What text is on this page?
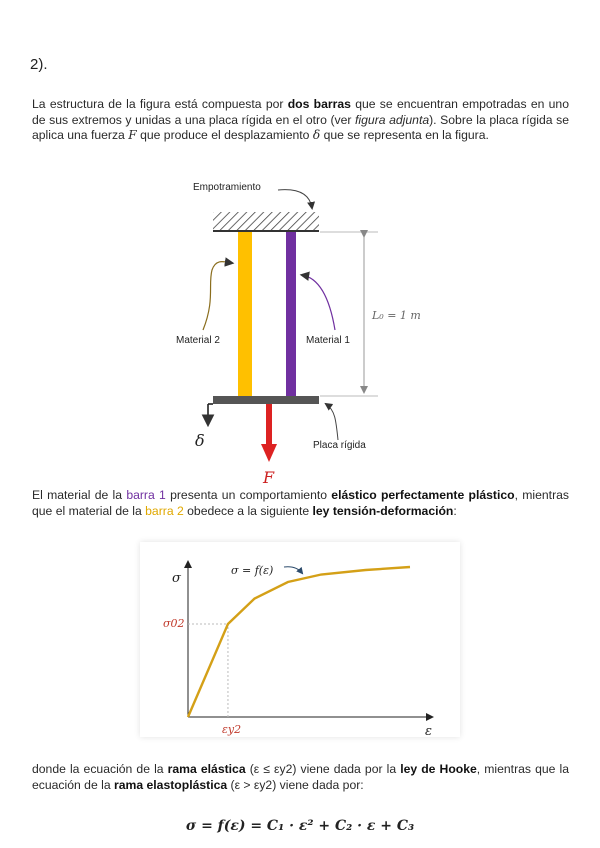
2).
La estructura de la figura está compuesta por dos barras que se encuentran empotradas en uno de sus extremos y unidas a una placa rígida en el otro (ver figura adjunta). Sobre la placa rígida se aplica una fuerza F que produce el desplazamiento δ que se representa en la figura.
Empotramiento
Material 2	Material 1
L₀ = 1 m
Placa rígida
δ
F
El material de la barra 1 presenta un comportamiento elástico perfectamente plástico, mientras que el material de la barra 2 obedece a la siguiente ley tensión-deformación:
σ
ε
σ = f(ε)
σ02
εy2
donde la ecuación de la rama elástica (ε ≤ εy2) viene dada por la ley de Hooke, mientras que la ecuación de la rama elastoplástica (ε > εy2) viene dada por:
σ = f(ε) = C₁ · ε² + C₂ · ε + C₃
